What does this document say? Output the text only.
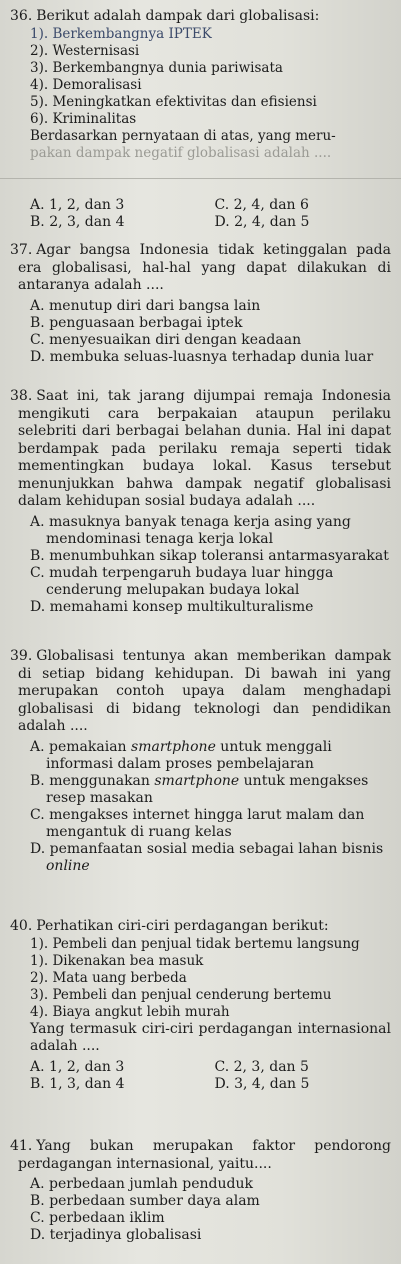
36. Berikut adalah dampak dari globalisasi:
1). Berkembangnya IPTEK
2). Westernisasi
3). Berkembangnya dunia pariwisata
4). Demoralisasi
5). Meningkatkan efektivitas dan efisiensi
6). Kriminalitas
Berdasarkan pernyataan di atas, yang meru-
pakan dampak negatif globalisasi adalah ....
A. 1, 2, dan 3	C. 2, 4, dan 6
B. 2, 3, dan 4	D. 2, 4, dan 5
37. Agar bangsa Indonesia tidak ketinggalan pada era globalisasi, hal-hal yang dapat dilakukan di antaranya adalah ....
A. menutup diri dari bangsa lain
B. penguasaan berbagai iptek
C. menyesuaikan diri dengan keadaan
D. membuka seluas-luasnya terhadap dunia luar
38. Saat ini, tak jarang dijumpai remaja Indonesia mengikuti cara berpakaian ataupun perilaku selebriti dari berbagai belahan dunia. Hal ini dapat berdampak pada perilaku remaja seperti tidak mementingkan budaya lokal. Kasus tersebut menunjukkan bahwa dampak negatif globalisasi dalam kehidupan sosial budaya adalah ....
A. masuknya banyak tenaga kerja asing yang mendominasi tenaga kerja lokal
B. menumbuhkan sikap toleransi antarmasyarakat
C. mudah terpengaruh budaya luar hingga cenderung melupakan budaya lokal
D. memahami konsep multikulturalisme
39. Globalisasi tentunya akan memberikan dampak di setiap bidang kehidupan. Di bawah ini yang merupakan contoh upaya dalam menghadapi globalisasi di bidang teknologi dan pendidikan adalah ....
A. pemakaian smartphone untuk menggali informasi dalam proses pembelajaran
B. menggunakan smartphone untuk mengakses resep masakan
C. mengakses internet hingga larut malam dan mengantuk di ruang kelas
D. pemanfaatan sosial media sebagai lahan bisnis online
40. Perhatikan ciri-ciri perdagangan berikut:
1). Pembeli dan penjual tidak bertemu langsung
1). Dikenakan bea masuk
2). Mata uang berbeda
3). Pembeli dan penjual cenderung bertemu
4). Biaya angkut lebih murah
Yang termasuk ciri-ciri perdagangan internasional adalah ....
A. 1, 2, dan 3	C. 2, 3, dan 5
B. 1, 3, dan 4	D. 3, 4, dan 5
41. Yang bukan merupakan faktor pendorong perdagangan internasional, yaitu....
A. perbedaan jumlah penduduk
B. perbedaan sumber daya alam
C. perbedaan iklim
D. terjadinya globalisasi
